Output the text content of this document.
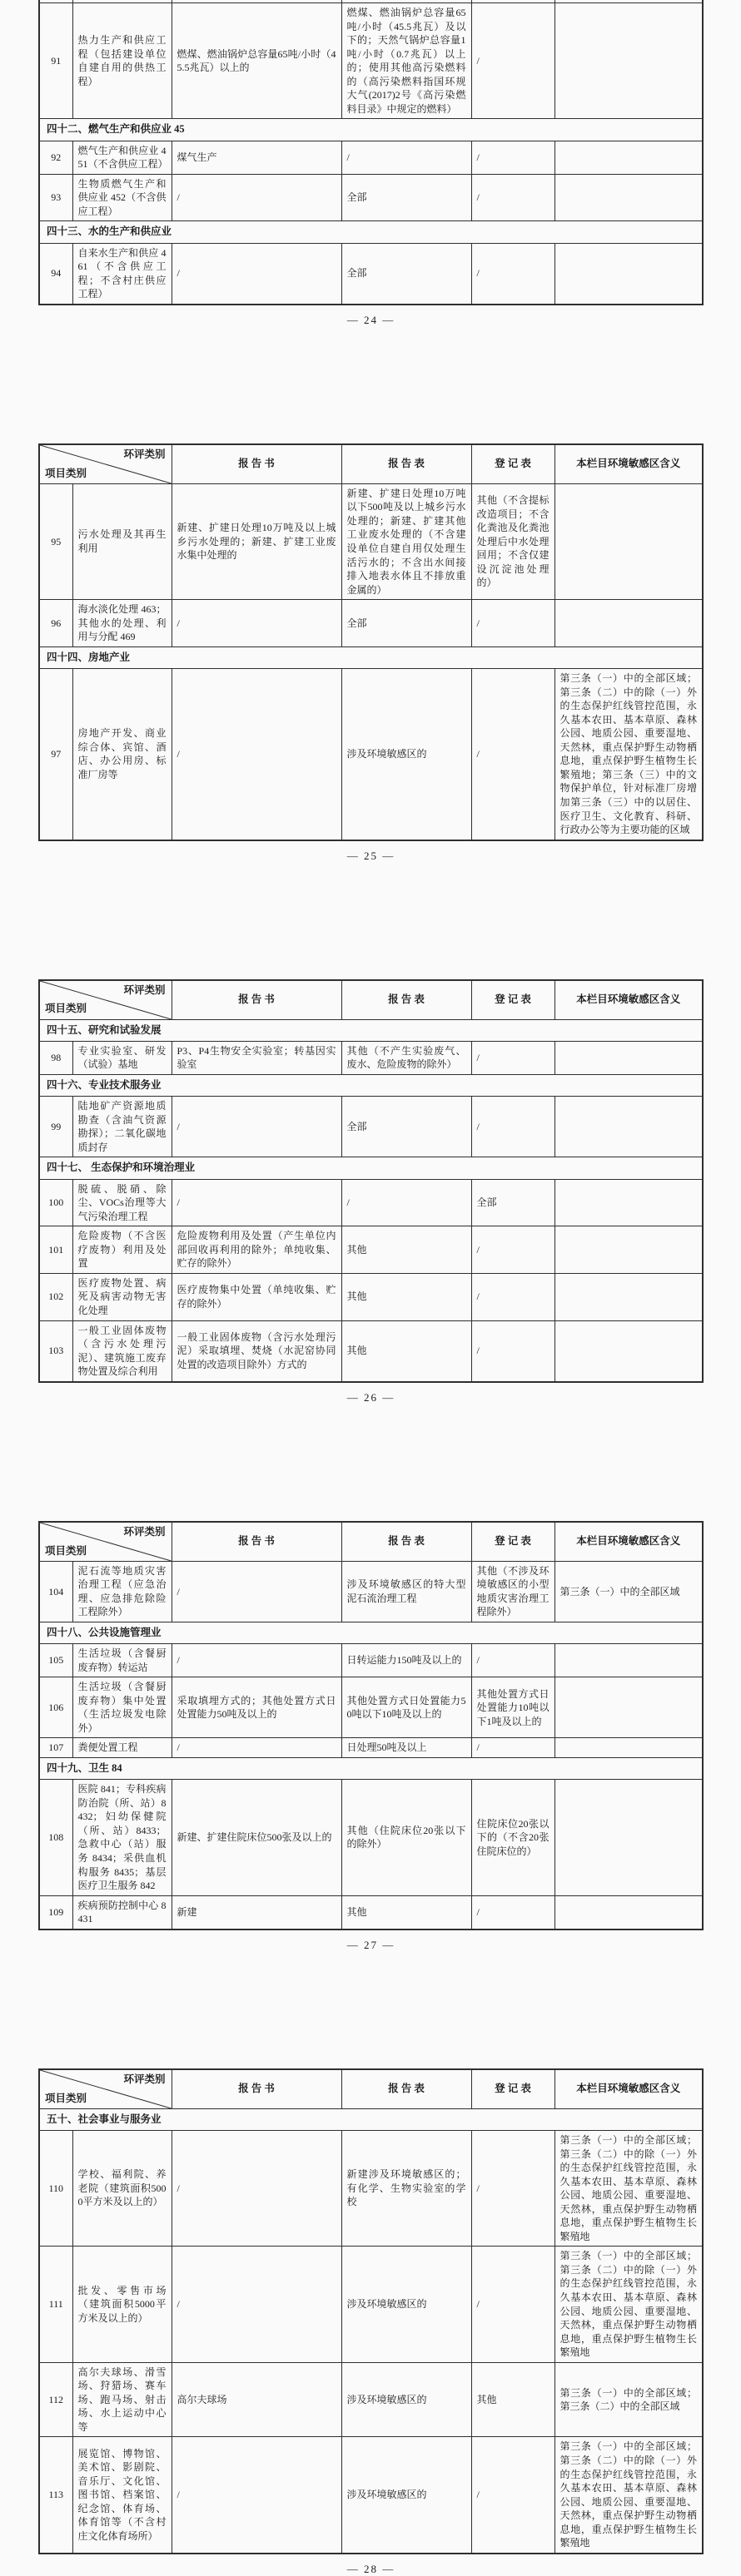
91	热力生产和供应工程（包括建设单位自建自用的供热工程）	燃煤、燃油锅炉总容量65吨/小时（45.5兆瓦）以上的	燃煤、燃油锅炉总容量65吨/小时（45.5兆瓦）及以下的；天然气锅炉总容量1吨/小时（0.7兆瓦）以上的；使用其他高污染燃料的（高污染燃料指国环规大气(2017)2号《高污染燃料目录》中规定的燃料）	/	
四十二、燃气生产和供应业 45					
92	燃气生产和供应业 451（不含供应工程）	煤气生产	/	/	
93	生物质燃气生产和供应业 452（不含供应工程）	/	全部	/	
四十三、水的生产和供应业					
94	自来水生产和供应 461（不含供应工程；不含村庄供应工程）	/	全部	/	
— 24 —
环评类别
项目类别		报 告 书	报 告 表	登 记 表	本栏目环境敏感区含义
95	污水处理及其再生利用	新建、扩建日处理10万吨及以上城乡污水处理的；新建、扩建工业废水集中处理的	新建、扩建日处理10万吨以下500吨及以上城乡污水处理的；新建、扩建其他工业废水处理的（不含建设单位自建自用仅处理生活污水的；不含出水间接排入地表水体且不排放重金属的）	其他（不含提标改造项目；不含化粪池及化粪池处理后中水处理回用；不含仅建设沉淀池处理的）	
96	海水淡化处理 463；其他水的处理、利用与分配 469	/	全部	/	
四十四、房地产业					
97	房地产开发、商业综合体、宾馆、酒店、办公用房、标准厂房等	/	涉及环境敏感区的	/	第三条（一）中的全部区域；第三条（二）中的除（一）外的生态保护红线管控范围，永久基本农田、基本草原、森林公园、地质公园、重要湿地、天然林，重点保护野生动物栖息地，重点保护野生植物生长繁殖地；第三条（三）中的文物保护单位，针对标准厂房增加第三条（三）中的以居住、医疗卫生、文化教育、科研、行政办公等为主要功能的区域
— 25 —
环评类别
项目类别		报 告 书	报 告 表	登 记 表	本栏目环境敏感区含义
四十五、研究和试验发展					
98	专业实验室、研发（试验）基地	P3、P4生物安全实验室；转基因实验室	其他（不产生实验废气、废水、危险废物的除外）	/	
四十六、专业技术服务业					
99	陆地矿产资源地质勘查（含油气资源勘探）；二氧化碳地质封存	/	全部	/	
四十七、 生态保护和环境治理业					
100	脱硫、脱硝、除尘、VOCs治理等大气污染治理工程	/	/	全部	
101	危险废物（不含医疗废物）利用及处置	危险废物利用及处置（产生单位内部回收再利用的除外；单纯收集、贮存的除外）	其他	/	
102	医疗废物处置、病死及病害动物无害化处理	医疗废物集中处置（单纯收集、贮存的除外）	其他	/	
103	一般工业固体废物（含污水处理污泥）、建筑施工废弃物处置及综合利用	一般工业固体废物（含污水处理污泥）采取填埋、焚烧（水泥窑协同处置的改造项目除外）方式的	其他	/	
— 26 —
环评类别
项目类别		报 告 书	报 告 表	登 记 表	本栏目环境敏感区含义
104	泥石流等地质灾害治理工程（应急治理、应急排危除险工程除外）	/	涉及环境敏感区的特大型泥石流治理工程	其他（不涉及环境敏感区的小型地质灾害治理工程除外）	第三条（一）中的全部区域
四十八、公共设施管理业					
105	生活垃圾（含餐厨废弃物）转运站	/	日转运能力150吨及以上的	/	
106	生活垃圾（含餐厨废弃物）集中处置（生活垃圾发电除外）	采取填埋方式的；其他处置方式日处置能力50吨及以上的	其他处置方式日处置能力50吨以下10吨及以上的	其他处置方式日处置能力10吨以下1吨及以上的	
107	粪便处置工程	/	日处理50吨及以上	/	
四十九、卫生 84					
108	医院 841；专科疾病防治院（所、站）8432；妇幼保健院（所、站）8433；急救中心（站）服务 8434；采供血机构服务 8435；基层医疗卫生服务 842	新建、扩建住院床位500张及以上的	其他（住院床位20张以下的除外）	住院床位20张以下的（不含20张住院床位的）	
109	疾病预防控制中心 8431	新建	其他	/	
— 27 —
环评类别
项目类别		报 告 书	报 告 表	登 记 表	本栏目环境敏感区含义
五十、社会事业与服务业					
110	学校、福利院、养老院（建筑面积5000平方米及以上的）	/	新建涉及环境敏感区的；有化学、生物实验室的学校	/	第三条（一）中的全部区域；第三条（二）中的除（一）外的生态保护红线管控范围，永久基本农田、基本草原、森林公园、地质公园、重要湿地、天然林，重点保护野生动物栖息地，重点保护野生植物生长繁殖地
111	批发、零售市场（建筑面积5000平方米及以上的）	/	涉及环境敏感区的	/	第三条（一）中的全部区域；第三条（二）中的除（一）外的生态保护红线管控范围，永久基本农田、基本草原、森林公园、地质公园、重要湿地、天然林，重点保护野生动物栖息地，重点保护野生植物生长繁殖地
112	高尔夫球场、滑雪场、狩猎场、赛车场、跑马场、射击场、水上运动中心等	高尔夫球场	涉及环境敏感区的	其他	第三条（一）中的全部区域；第三条（二）中的全部区域
113	展览馆、博物馆、美术馆、影剧院、音乐厅、文化馆、图书馆、档案馆、纪念馆、体育场、体育馆等（不含村庄文化体育场所）	/	涉及环境敏感区的	/	第三条（一）中的全部区域；第三条（二）中的除（一）外的生态保护红线管控范围，永久基本农田、基本草原、森林公园、地质公园、重要湿地、天然林，重点保护野生动物栖息地，重点保护野生植物生长繁殖地
— 28 —
